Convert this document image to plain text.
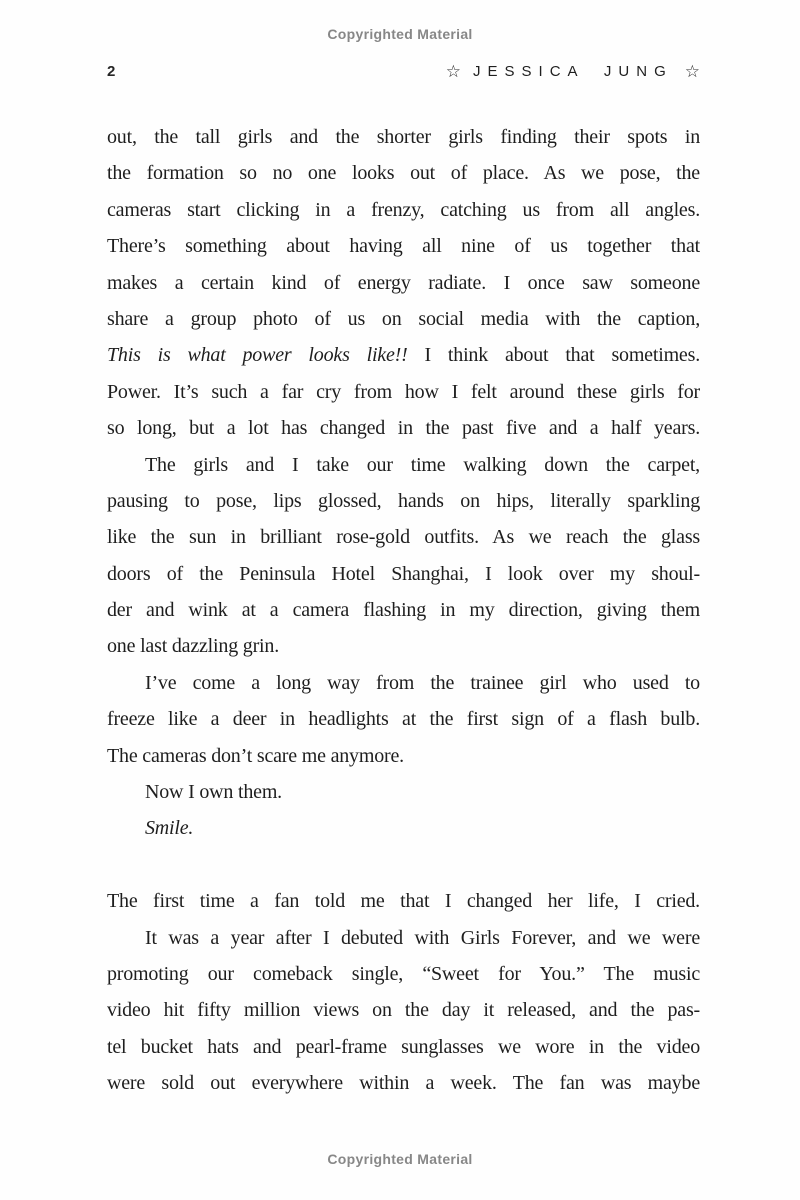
Copyrighted Material
2	☆ JESSICA JUNG ☆
out, the tall girls and the shorter girls finding their spots in
the formation so no one looks out of place. As we pose, the
cameras start clicking in a frenzy, catching us from all angles.
There’s something about having all nine of us together that
makes a certain kind of energy radiate. I once saw someone
share a group photo of us on social media with the caption,
This is what power looks like!! I think about that sometimes.
Power. It’s such a far cry from how I felt around these girls for
so long, but a lot has changed in the past five and a half years.
The girls and I take our time walking down the carpet,
pausing to pose, lips glossed, hands on hips, literally sparkling
like the sun in brilliant rose-gold outfits. As we reach the glass
doors of the Peninsula Hotel Shanghai, I look over my shoul-
der and wink at a camera flashing in my direction, giving them
one last dazzling grin.
I’ve come a long way from the trainee girl who used to
freeze like a deer in headlights at the first sign of a flash bulb.
The cameras don’t scare me anymore.
Now I own them.
Smile.
The first time a fan told me that I changed her life, I cried.
It was a year after I debuted with Girls Forever, and we were
promoting our comeback single, “Sweet for You.” The music
video hit fifty million views on the day it released, and the pas-
tel bucket hats and pearl-frame sunglasses we wore in the video
were sold out everywhere within a week. The fan was maybe
Copyrighted Material
